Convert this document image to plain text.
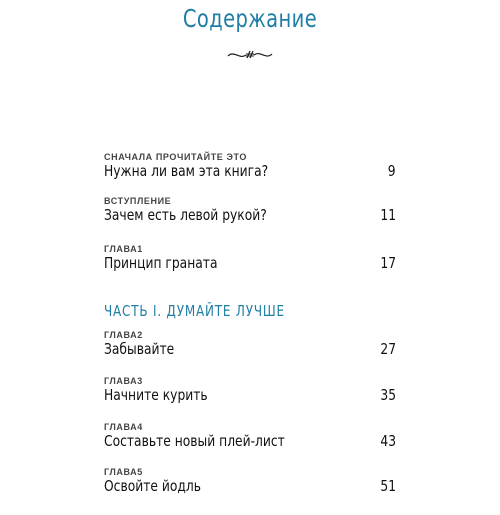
Содержание
СНАЧАЛА ПРОЧИТАЙТЕ ЭТО
Нужна ли вам эта книга?	9
ВСТУПЛЕНИЕ
Зачем есть левой рукой?	11
ГЛАВА1
Принцип граната	17
ЧАСТЬ I. ДУМАЙТЕ ЛУЧШЕ
ГЛАВА2
Забывайте	27
ГЛАВА3
Начните курить	35
ГЛАВА4
Составьте новый плей-лист	43
ГЛАВА5
Освойте йодль	51
